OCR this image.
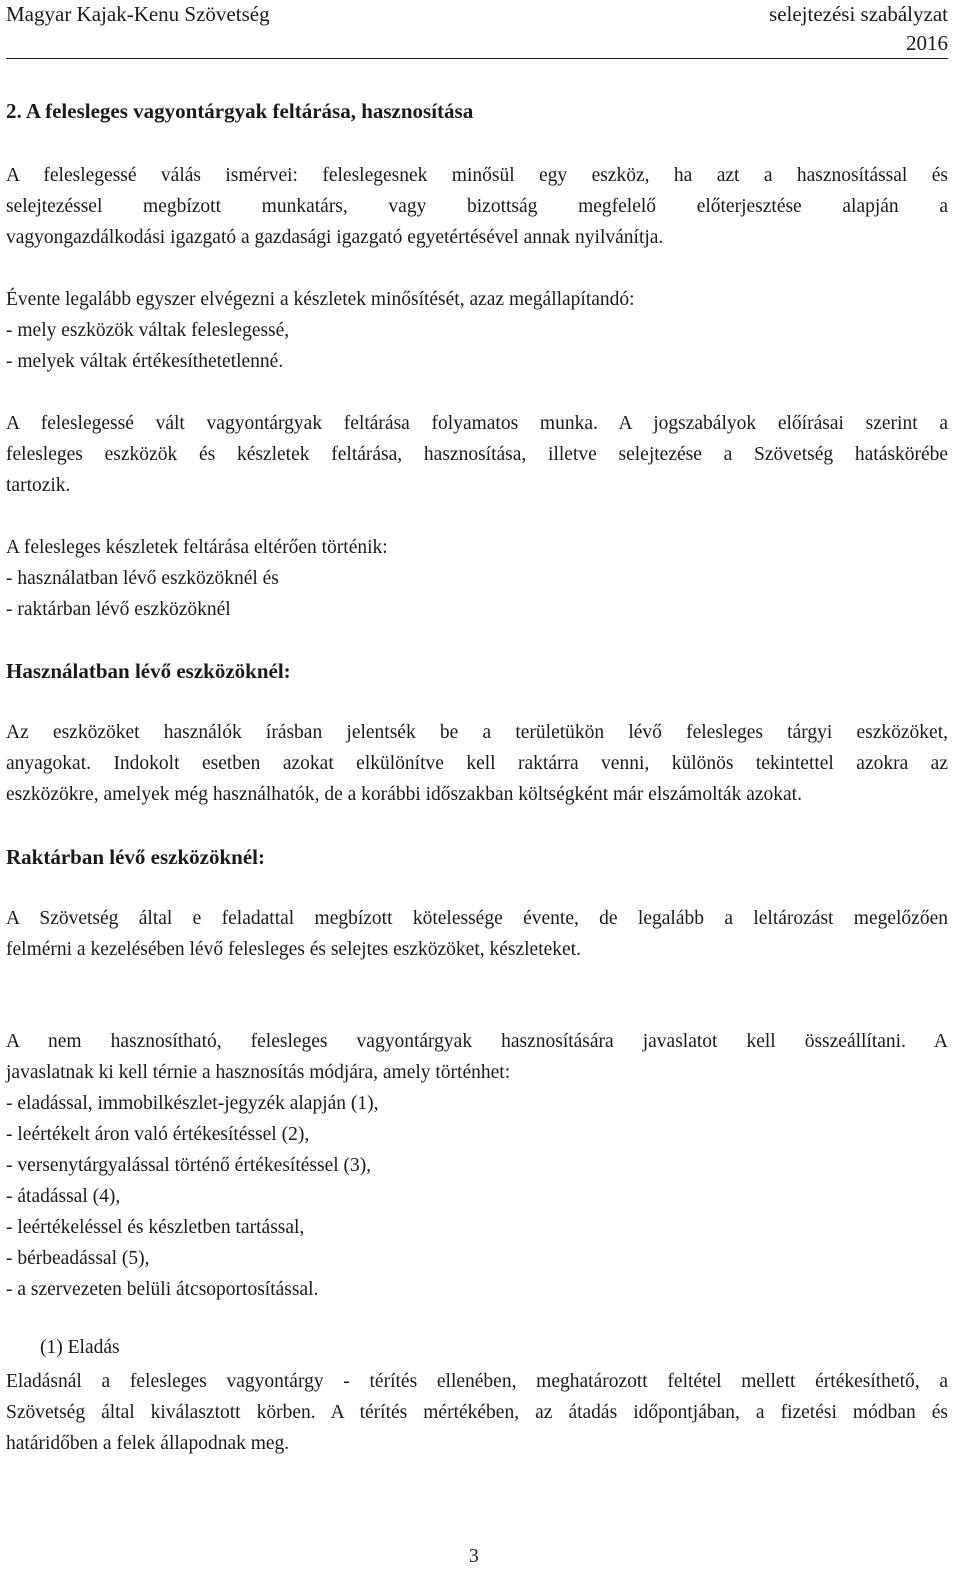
Magyar Kajak-Kenu Szövetség	selejtezési szabályzat
2016
2. A felesleges vagyontárgyak feltárása, hasznosítása

A feleslegessé válás ismérvei: feleslegesnek minősül egy eszköz, ha azt a hasznosítással és
selejtezéssel megbízott munkatárs, vagy bizottság megfelelő előterjesztése alapján a
vagyongazdálkodási igazgató a gazdasági igazgató egyetértésével annak nyilvánítja.

Évente legalább egyszer elvégezni a készletek minősítését, azaz megállapítandó:
- mely eszközök váltak feleslegessé,
- melyek váltak értékesíthetetlenné.

A feleslegessé vált vagyontárgyak feltárása folyamatos munka. A jogszabályok előírásai szerint a
felesleges eszközök és készletek feltárása, hasznosítása, illetve selejtezése a Szövetség hatáskörébe
tartozik.

A felesleges készletek feltárása eltérően történik:
- használatban lévő eszközöknél és
- raktárban lévő eszközöknél

Használatban lévő eszközöknél:

Az eszközöket használók írásban jelentsék be a területükön lévő felesleges tárgyi eszközöket,
anyagokat. Indokolt esetben azokat elkülönítve kell raktárra venni, különös tekintettel azokra az
eszközökre, amelyek még használhatók, de a korábbi időszakban költségként már elszámolták azokat.

Raktárban lévő eszközöknél:

A Szövetség által e feladattal megbízott kötelessége évente, de legalább a leltározást megelőzően
felmérni a kezelésében lévő felesleges és selejtes eszközöket, készleteket.

A nem hasznosítható, felesleges vagyontárgyak hasznosítására javaslatot kell összeállítani. A
javaslatnak ki kell térnie a hasznosítás módjára, amely történhet:
- eladással, immobilkészlet-jegyzék alapján (1),
- leértékelt áron való értékesítéssel (2),
- versenytárgyalással történő értékesítéssel (3),
- átadással (4),
- leértékeléssel és készletben tartással,
- bérbeadással (5),
- a szervezeten belüli átcsoportosítással.

(1) Eladás

Eladásnál a felesleges vagyontárgy - térítés ellenében, meghatározott feltétel mellett értékesíthető, a
Szövetség által kiválasztott körben. A térítés mértékében, az átadás időpontjában, a fizetési módban és
határidőben a felek állapodnak meg.

3
